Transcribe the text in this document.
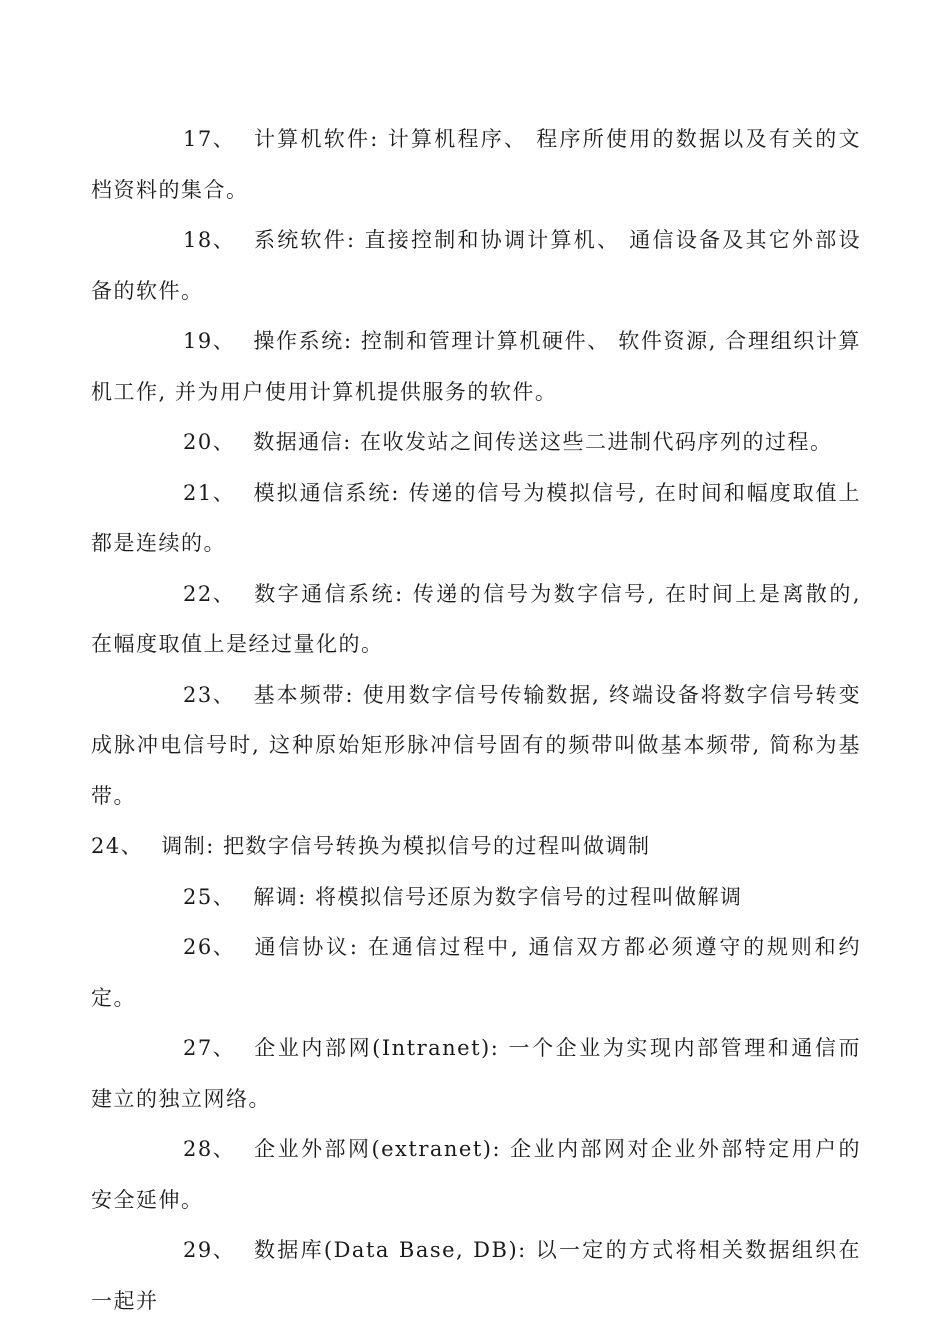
17、 计算机软件: 计算机程序、 程序所使用的数据以及有关的文档资料的集合。

18、 系统软件: 直接控制和协调计算机、 通信设备及其它外部设备的软件。

19、 操作系统: 控制和管理计算机硬件、 软件资源, 合理组织计算机工作, 并为用户使用计算机提供服务的软件。

20、 数据通信: 在收发站之间传送这些二进制代码序列的过程。

21、 模拟通信系统: 传递的信号为模拟信号, 在时间和幅度取值上都是连续的。

22、 数字通信系统: 传递的信号为数字信号, 在时间上是离散的, 在幅度取值上是经过量化的。

23、 基本频带: 使用数字信号传输数据, 终端设备将数字信号转变成脉冲电信号时, 这种原始矩形脉冲信号固有的频带叫做基本频带, 简称为基带。

24、 调制: 把数字信号转换为模拟信号的过程叫做调制

25、 解调: 将模拟信号还原为数字信号的过程叫做解调

26、 通信协议: 在通信过程中, 通信双方都必须遵守的规则和约定。

27、 企业内部网(Intranet): 一个企业为实现内部管理和通信而建立的独立网络。

28、 企业外部网(extranet): 企业内部网对企业外部特定用户的安全延伸。

29、 数据库(Data Base, DB): 以一定的方式将相关数据组织在一起并
